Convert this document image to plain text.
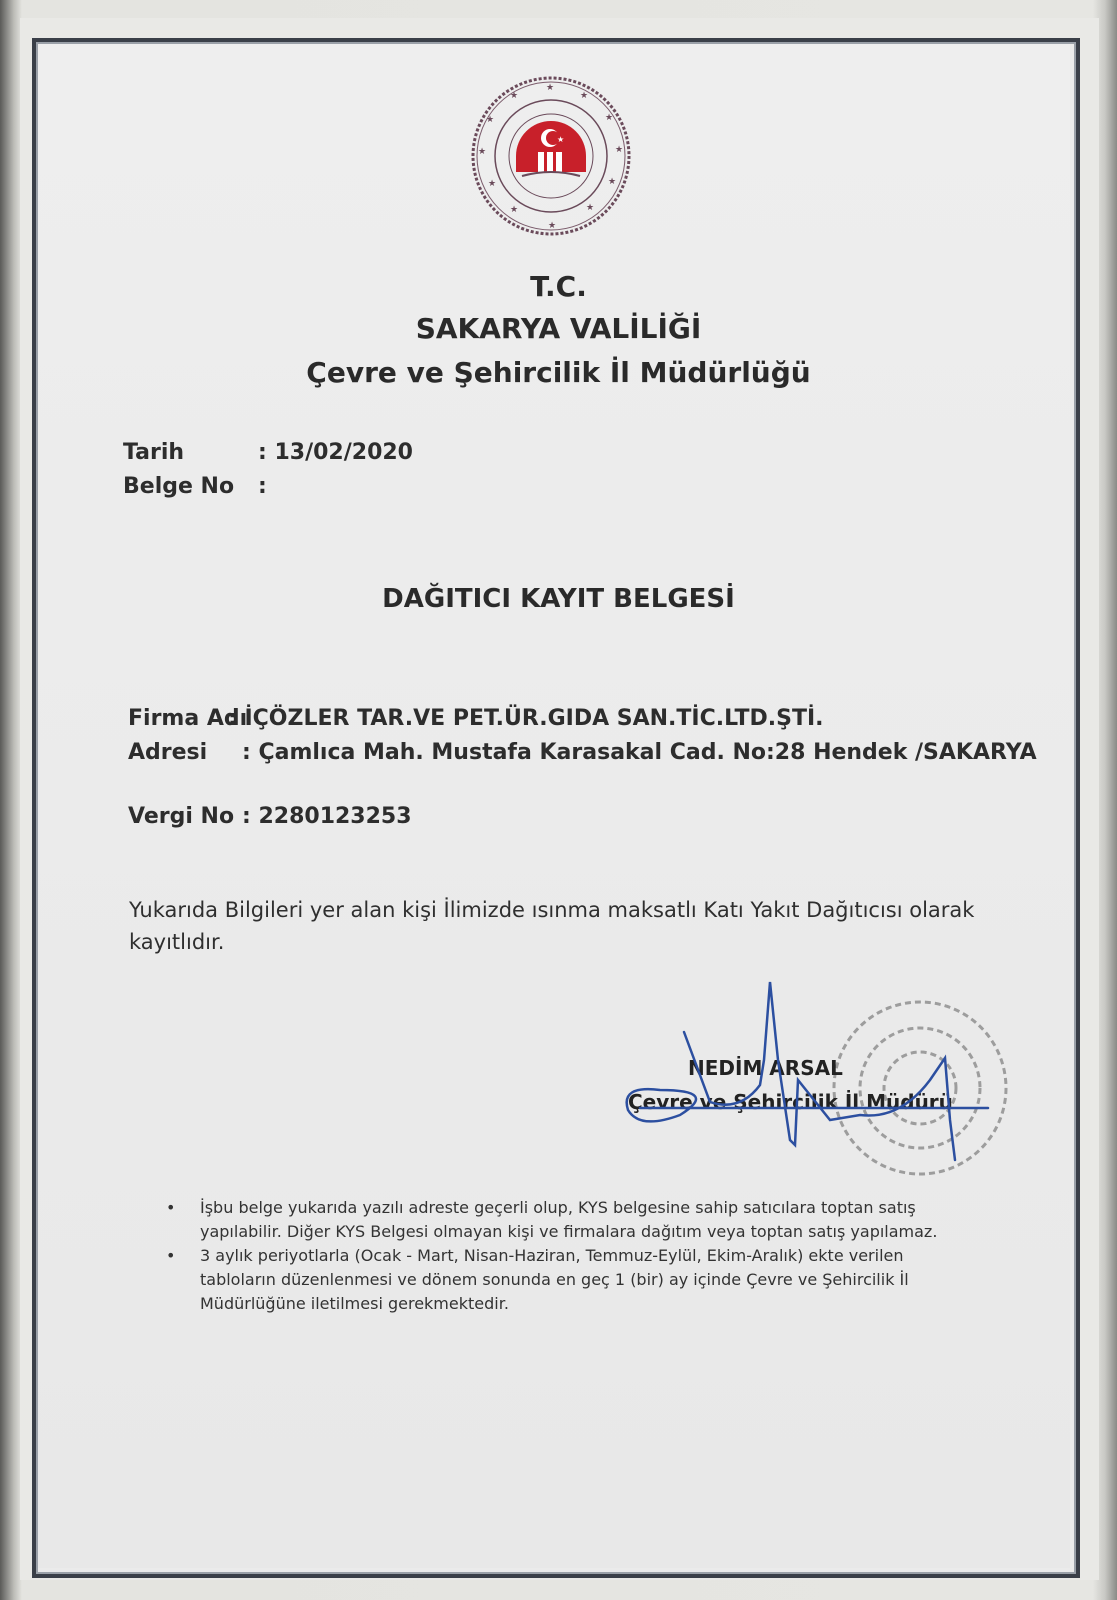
★
★
★
★
★
★
★
★
★
★
★
★
★
T.C.
SAKARYA VALİLİĞİ
Çevre ve Şehircilik İl Müdürlüğü
Tarih	: 13/02/2020
Belge No :
DAĞITICI KAYIT BELGESİ
Firma Adı
: İÇÖZLER TAR.VE PET.ÜR.GIDA SAN.TİC.LTD.ŞTİ.
Adresi : Çamlıca Mah. Mustafa Karasakal Cad. No:28 Hendek /SAKARYA
Vergi No : 2280123253
Yukarıda Bilgileri yer alan kişi İlimizde ısınma maksatlı Katı Yakıt Dağıtıcısı olarak kayıtlıdır.
NEDİM ARSAL
Çevre ve Şehircilik İl Müdürü
• İşbu belge yukarıda yazılı adreste geçerli olup, KYS belgesine sahip satıcılara toptan satış yapılabilir. Diğer KYS Belgesi olmayan kişi ve firmalara dağıtım veya toptan satış yapılamaz.
• 3 aylık periyotlarla (Ocak - Mart, Nisan-Haziran, Temmuz-Eylül, Ekim-Aralık) ekte verilen tabloların düzenlenmesi ve dönem sonunda en geç 1 (bir) ay içinde Çevre ve Şehircilik İl Müdürlüğüne iletilmesi gerekmektedir.
